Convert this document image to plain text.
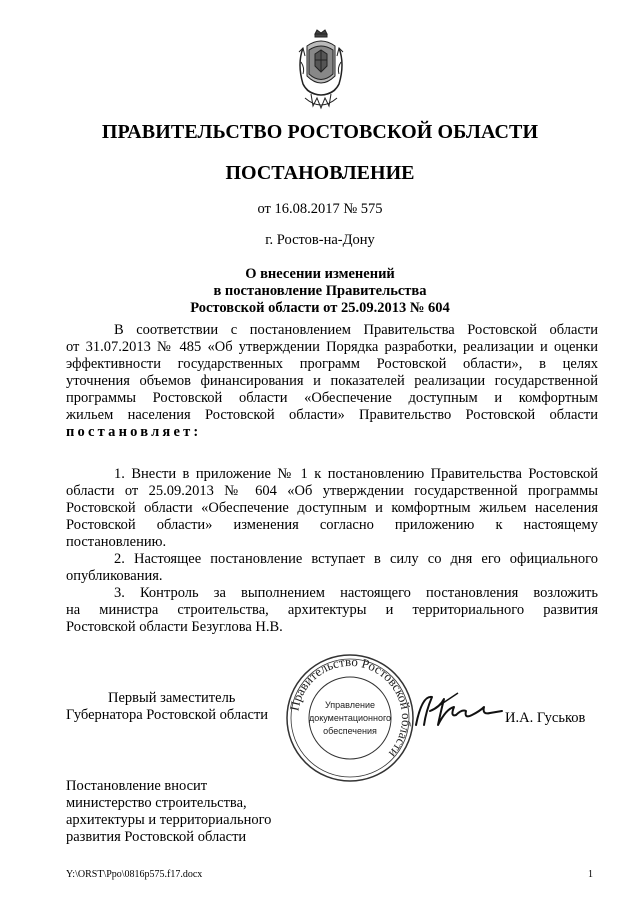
ПРАВИТЕЛЬСТВО РОСТОВСКОЙ ОБЛАСТИ
ПОСТАНОВЛЕНИЕ
от 16.08.2017 № 575
г. Ростов-на-Дону
О внесении изменений
в постановление Правительства
Ростовской области от 25.09.2013 № 604
В соответствии с постановлением Правительства Ростовской области
от 31.07.2013 № 485 «Об утверждении Порядка разработки, реализации и оценки
эффективности государственных программ Ростовской области», в целях
уточнения объемов финансирования и показателей реализации государственной
программы Ростовской области «Обеспечение доступным и комфортным
жильем населения Ростовской области» Правительство Ростовской области
постановляет:
1. Внести в приложение № 1 к постановлению Правительства Ростовской
области от 25.09.2013 № 604 «Об утверждении государственной программы
Ростовской области «Обеспечение доступным и комфортным жильем населения
Ростовской области» изменения согласно приложению к настоящему
постановлению.
2. Настоящее постановление вступает в силу со дня его официального
опубликования.
3. Контроль за выполнением настоящего постановления возложить
на министра строительства, архитектуры и территориального развития
Ростовской области Безуглова Н.В.
Правительство Ростовской области
Управление
документационного
обеспечения
Первый заместитель
Губернатора Ростовской области	И.А. Гуськов
Постановление вносит
министерство строительства,
архитектуры и территориального
развития Ростовской области
Y:\ORST\Ppo\0816p575.f17.docx	1
